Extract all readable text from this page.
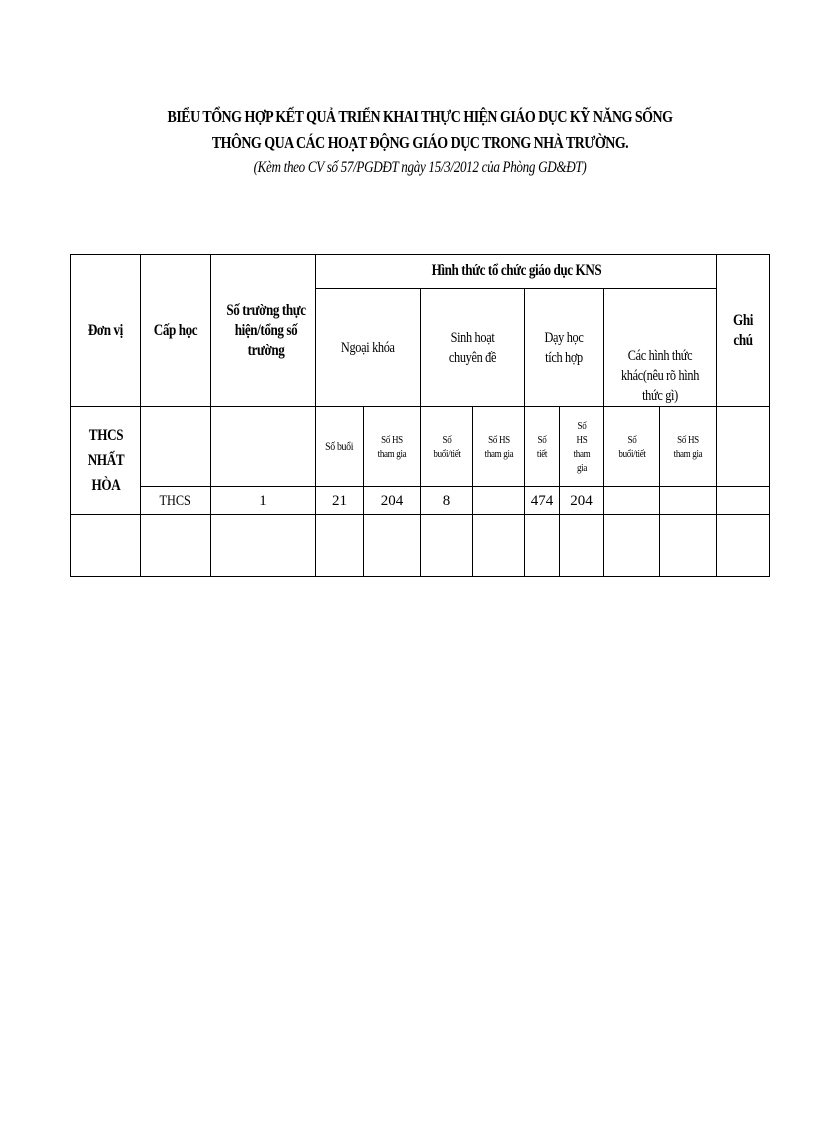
BIỂU TỔNG HỢP KẾT QUẢ TRIỂN KHAI THỰC HIỆN GIÁO DỤC KỸ NĂNG SỐNG
THÔNG QUA CÁC HOẠT ĐỘNG GIÁO DỤC TRONG NHÀ TRƯỜNG.
(Kèm theo CV số 57/PGDĐT ngày 15/3/2012 của Phòng GD&ĐT)
Đơn vị	Cấp học	Số trường thực hiện/tổng số trường	Hình thức tổ chức giáo dục KNS								Ghi chú
			Ngoại khóa		Sinh hoạt chuyên đề		Dạy học tích hợp		Các hình thức khác(nêu rõ hình thức gì)		
THCS NHẤT HÒA			Số buổi	Số HS tham gia	Số buổi/tiết	Số HS tham gia	Số tiết	Số HS tham gia	Số buổi/tiết	Số HS tham gia	
	THCS	1	21	204	8		474	204			
